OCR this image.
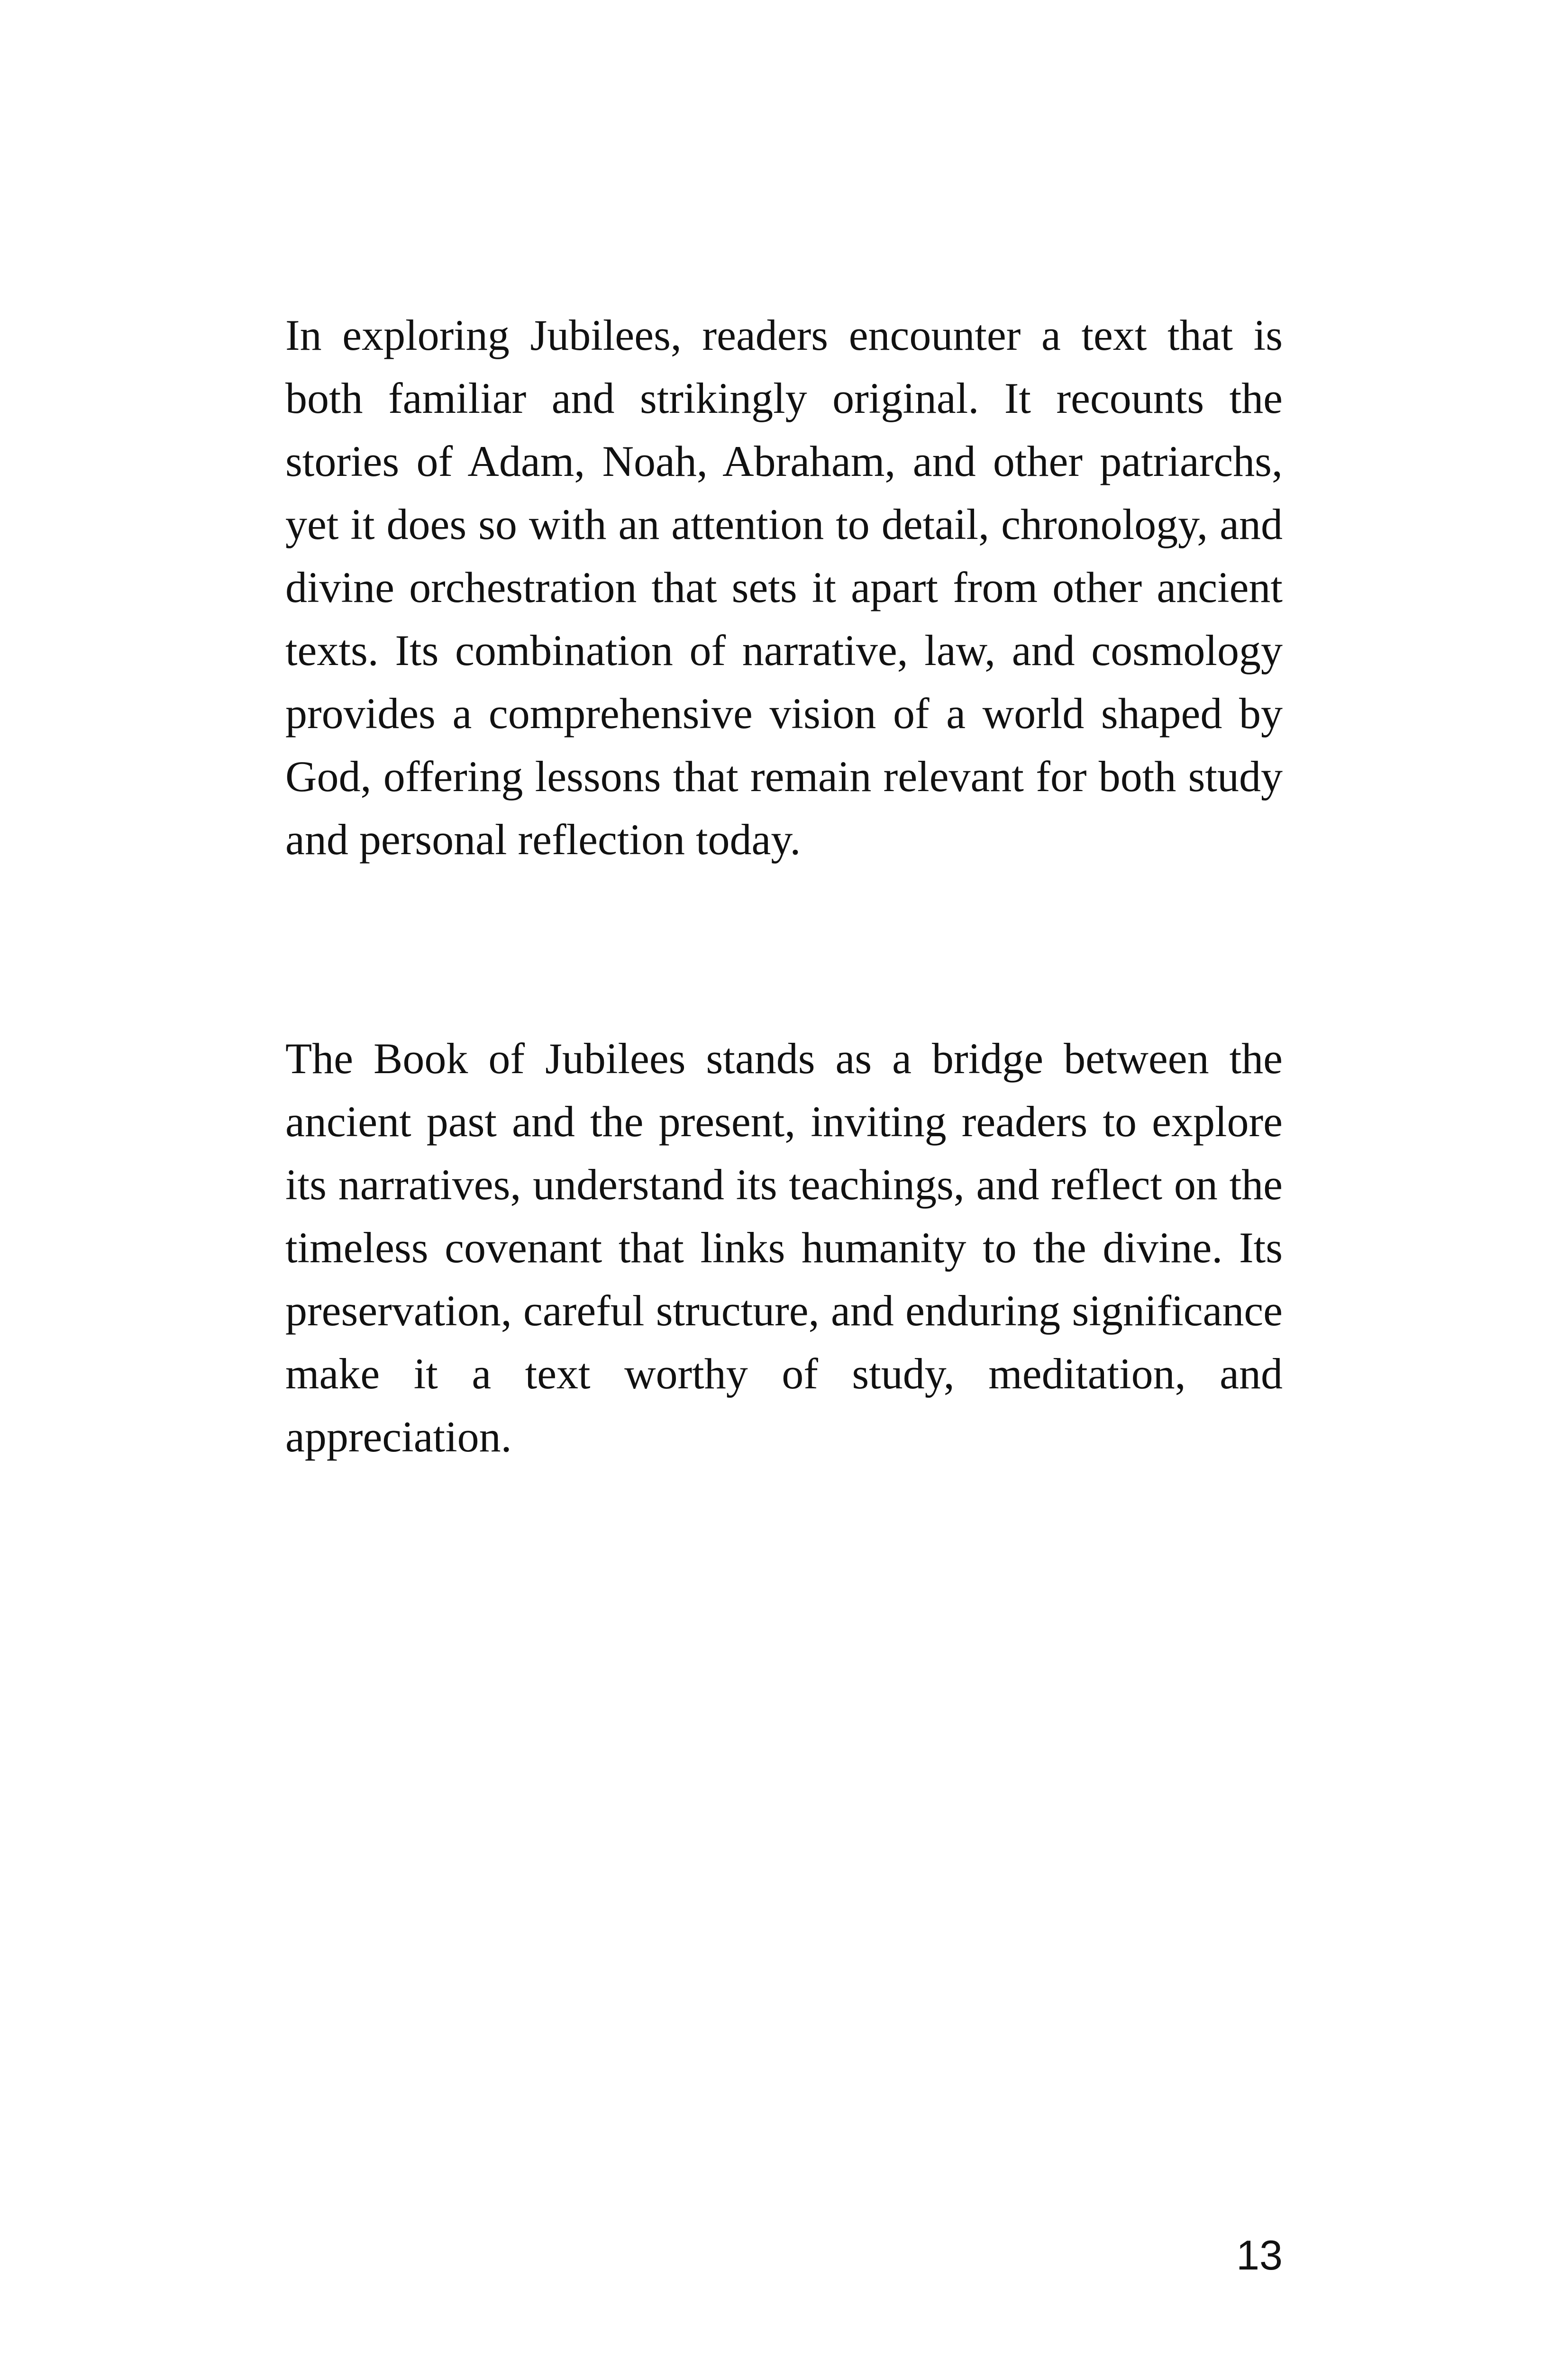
In exploring Jubilees, readers encounter a text that is both familiar and strikingly original. It recounts the stories of Adam, Noah, Abraham, and other patriarchs, yet it does so with an attention to detail, chronology, and divine orchestration that sets it apart from other ancient texts. Its combination of narrative, law, and cosmology provides a comprehensive vision of a world shaped by God, offering lessons that remain relevant for both study and personal reflection today.

The Book of Jubilees stands as a bridge between the ancient past and the present, inviting readers to explore its narratives, understand its teachings, and reflect on the timeless covenant that links humanity to the divine. Its preservation, careful structure, and enduring significance make it a text worthy of study, meditation, and appreciation.

13
